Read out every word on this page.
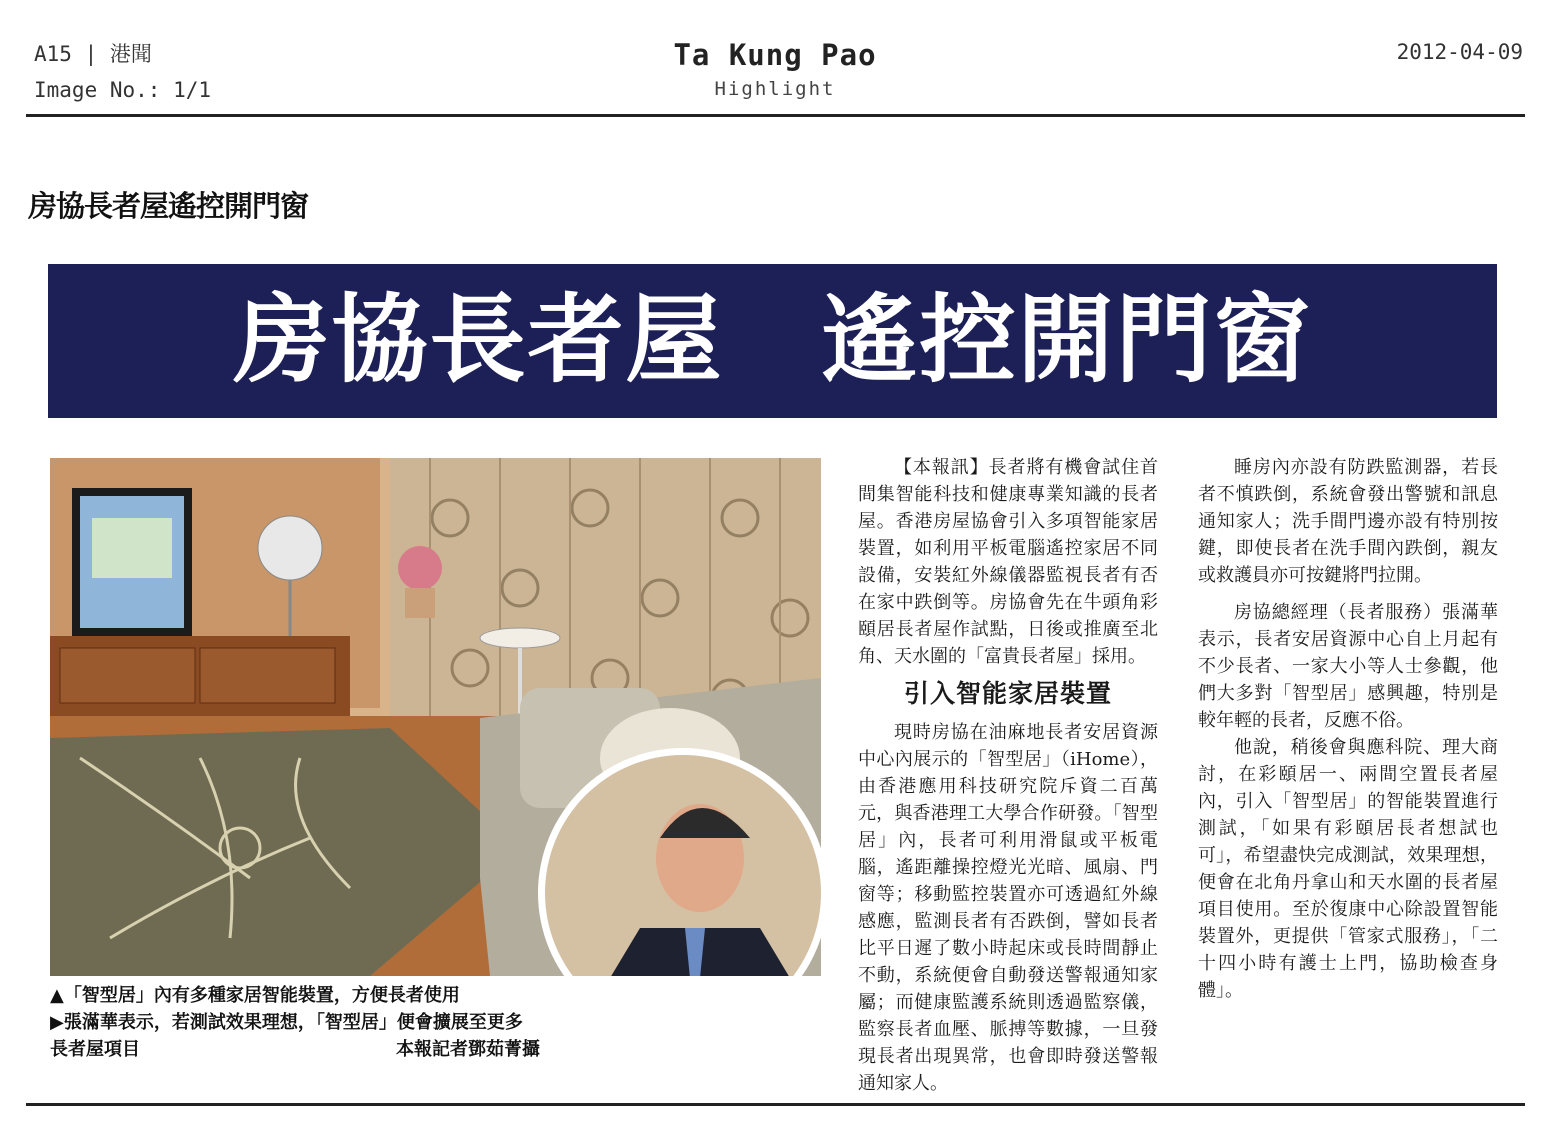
A15 | 港聞
Image No.: 1/1
Ta Kung Pao
Highlight
2012-04-09
房協長者屋遙控開門窗
房協長者屋　遙控開門窗

▲「智型居」內有多種家居智能裝置，方便長者使用

▶張滿華表示，若測試效果理想，「智型居」便會擴展至更多長者屋項目	本報記者鄧茹菁攝

【本報訊】長者將有機會試住首間集智能科技和健康專業知識的長者屋。香港房屋協會引入多項智能家居裝置，如利用平板電腦遙控家居不同設備，安裝紅外線儀器監視長者有否在家中跌倒等。房協會先在牛頭角彩頤居長者屋作試點，日後或推廣至北角、天水圍的「富貴長者屋」採用。

引入智能家居裝置

現時房協在油麻地長者安居資源中心內展示的「智型居」（iHome），由香港應用科技研究院斥資二百萬元，與香港理工大學合作研發。「智型居」內，長者可利用滑鼠或平板電腦，遙距離操控燈光光暗、風扇、門窗等；移動監控裝置亦可透過紅外線感應，監測長者有否跌倒，譬如長者比平日遲了數小時起床或長時間靜止不動，系統便會自動發送警報通知家屬；而健康監護系統則透過監察儀，監察長者血壓、脈搏等數據，一旦發現長者出現異常，也會即時發送警報通知家人。

睡房內亦設有防跌監測器，若長者不慎跌倒，系統會發出警號和訊息通知家人；洗手間門邊亦設有特別按鍵，即使長者在洗手間內跌倒，親友或救護員亦可按鍵將門拉開。

房協總經理（長者服務）張滿華表示，長者安居資源中心自上月起有不少長者、一家大小等人士參觀，他們大多對「智型居」感興趣，特別是較年輕的長者，反應不俗。

他說，稍後會與應科院、理大商討，在彩頤居一、兩間空置長者屋內，引入「智型居」的智能裝置進行測試，「如果有彩頤居長者想試也可」，希望盡快完成測試，效果理想，便會在北角丹拿山和天水圍的長者屋項目使用。至於復康中心除設置智能裝置外，更提供「管家式服務」，「二十四小時有護士上門，協助檢查身體」。
